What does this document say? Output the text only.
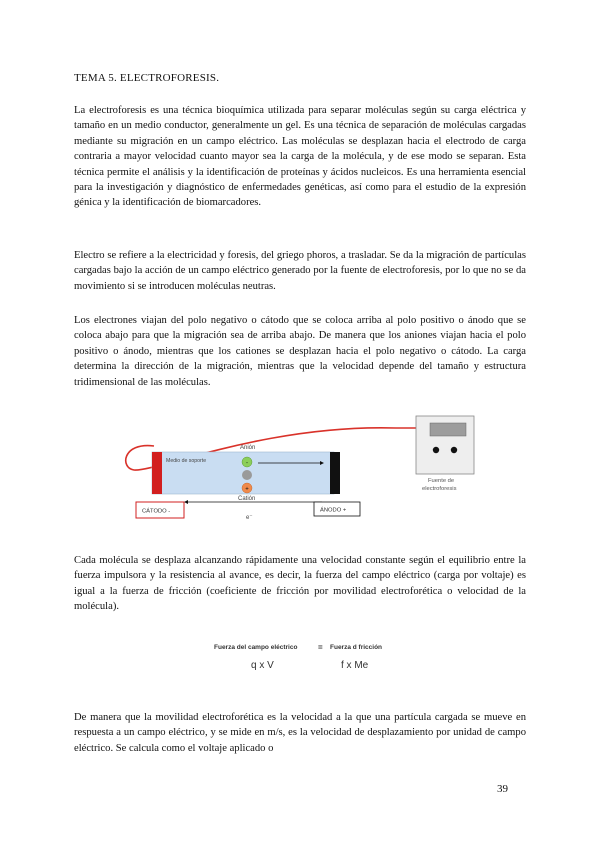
TEMA 5. ELECTROFORESIS.

La electroforesis es una técnica bioquímica utilizada para separar moléculas según su carga eléctrica y tamaño en un medio conductor, generalmente un gel. Es una técnica de separación de moléculas cargadas mediante su migración en un campo eléctrico. Las moléculas se desplazan hacia el electrodo de carga contraria a mayor velocidad cuanto mayor sea la carga de la molécula, y de ese modo se separan. Esta técnica permite el análisis y la identificación de proteínas y ácidos nucleicos. Es una herramienta esencial para la investigación y diagnóstico de enfermedades genéticas, así como para el estudio de la expresión génica y la identificación de biomarcadores.

Electro se refiere a la electricidad y foresis, del griego phoros, a trasladar. Se da la migración de partículas cargadas bajo la acción de un campo eléctrico generado por la fuente de electroforesis, por lo que no se da movimiento si se introducen moléculas neutras.

Los electrones viajan del polo negativo o cátodo que se coloca arriba al polo positivo o ánodo que se coloca abajo para que la migración sea de arriba abajo. De manera que los aniones viajan hacia el polo positivo o ánodo, mientras que los cationes se desplazan hacia el polo negativo o cátodo. La carga determina la dirección de la migración, mientras que la velocidad depende del tamaño y estructura tridimensional de las moléculas.

Cada molécula se desplaza alcanzando rápidamente una velocidad constante según el equilibrio entre la fuerza impulsora y la resistencia al avance, es decir, la fuerza del campo eléctrico (carga por voltaje) es igual a la fuerza de fricción (coeficiente de fricción por movilidad electroforética o velocidad de la molécula).

De manera que la movilidad electroforética es la velocidad a la que una partícula cargada se mueve en respuesta a un campo eléctrico, y se mide en m/s, es la velocidad de desplazamiento por unidad de campo eléctrico. Se calcula como el voltaje aplicado o

39
-
+
Anión
Medio de soporte
Catión
e⁻
CÁTODO -	ÁNODO +
Fuente de
electroforesis
Fuerza del campo eléctrico	= Fuerza d fricción
q x V	f x Me
